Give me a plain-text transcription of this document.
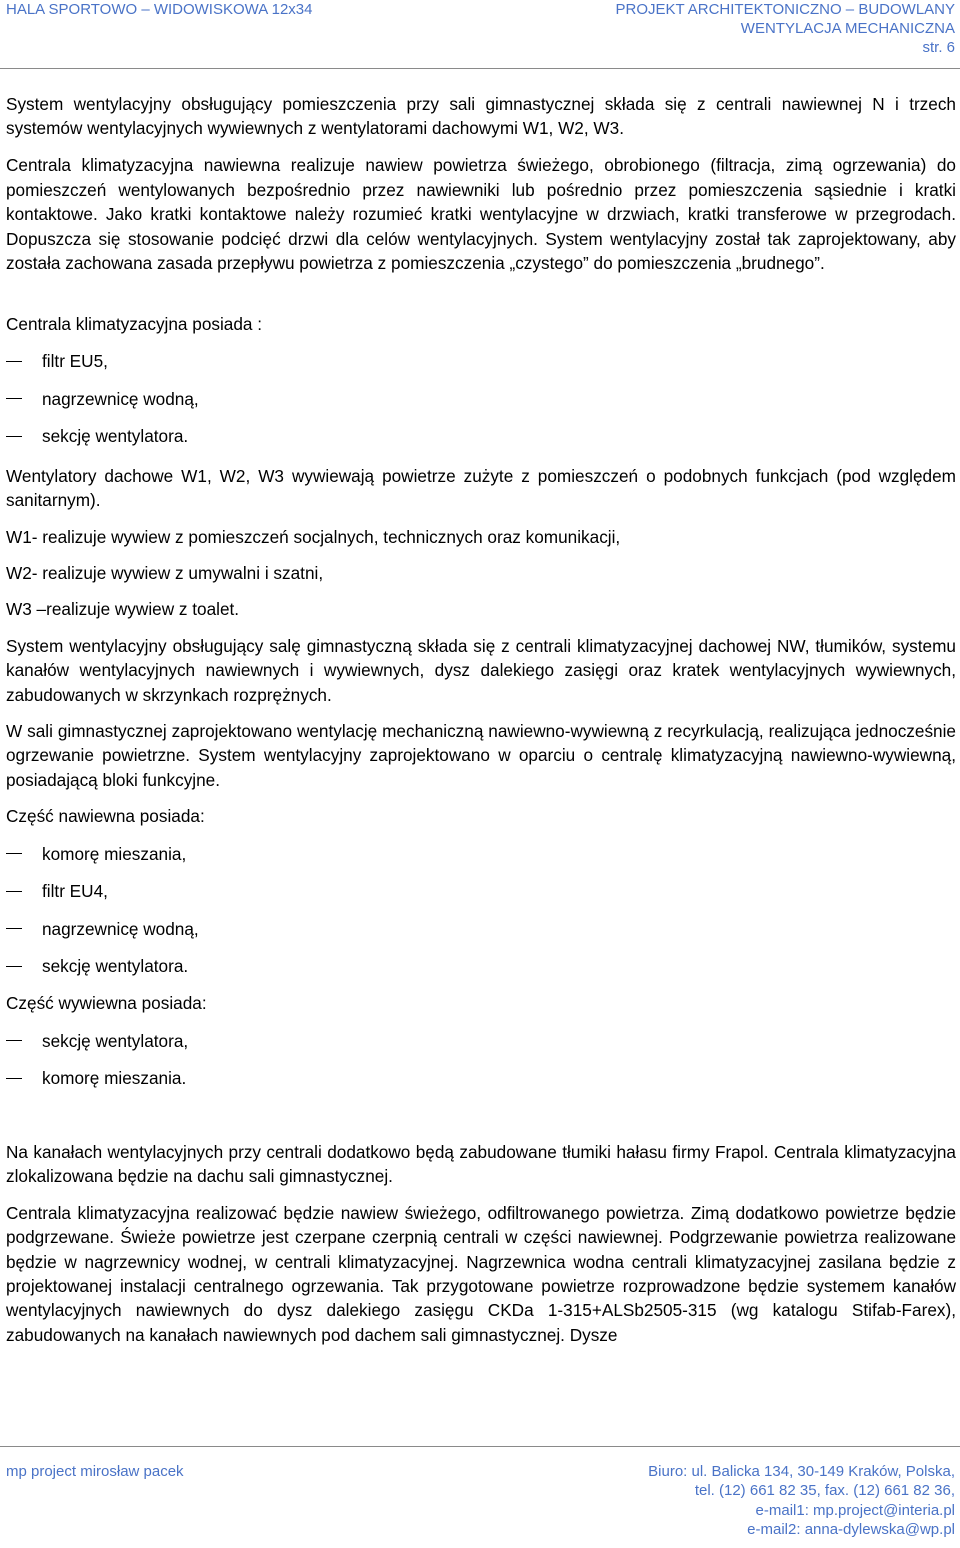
HALA SPORTOWO – WIDOWISKOWA 12x34	PROJEKT ARCHITEKTONICZNO – BUDOWLANY
WENTYLACJA MECHANICZNA
str. 6

System wentylacyjny obsługujący pomieszczenia przy sali gimnastycznej składa się z centrali nawiewnej N i trzech systemów wentylacyjnych wywiewnych z wentylatorami dachowymi W1, W2, W3.

Centrala klimatyzacyjna nawiewna realizuje nawiew powietrza świeżego, obrobionego (filtracja, zimą ogrzewania) do pomieszczeń wentylowanych bezpośrednio przez nawiewniki lub pośrednio przez pomieszczenia sąsiednie i kratki kontaktowe. Jako kratki kontaktowe należy rozumieć kratki wentylacyjne w drzwiach, kratki transferowe w przegrodach. Dopuszcza się stosowanie podcięć drzwi dla celów wentylacyjnych. System wentylacyjny został tak zaprojektowany, aby została zachowana zasada przepływu powietrza z pomieszczenia „czystego” do pomieszczenia „brudnego”.

Centrala klimatyzacyjna posiada :

filtr EU5,
nagrzewnicę wodną,
sekcję wentylatora.

Wentylatory dachowe W1, W2, W3 wywiewają powietrze zużyte z pomieszczeń o podobnych funkcjach (pod względem sanitarnym).

W1- realizuje wywiew z pomieszczeń socjalnych, technicznych oraz komunikacji,

W2- realizuje wywiew z umywalni i szatni,

W3 –realizuje wywiew z toalet.

System wentylacyjny obsługujący salę gimnastyczną składa się z centrali klimatyzacyjnej dachowej NW, tłumików, systemu kanałów wentylacyjnych nawiewnych i wywiewnych, dysz dalekiego zasięgi oraz kratek wentylacyjnych wywiewnych, zabudowanych w skrzynkach rozprężnych.

W sali gimnastycznej zaprojektowano wentylację mechaniczną nawiewno-wywiewną z recyrkulacją, realizująca jednocześnie ogrzewanie powietrzne. System wentylacyjny zaprojektowano w oparciu o centralę klimatyzacyjną nawiewno-wywiewną, posiadającą bloki funkcyjne.

Część nawiewna posiada:

komorę mieszania,
filtr EU4,
nagrzewnicę wodną,
sekcję wentylatora.

Część wywiewna posiada:

sekcję wentylatora,
komorę mieszania.

Na kanałach wentylacyjnych przy centrali dodatkowo będą zabudowane tłumiki hałasu firmy Frapol. Centrala klimatyzacyjna zlokalizowana będzie na dachu sali gimnastycznej.

Centrala klimatyzacyjna realizować będzie nawiew świeżego, odfiltrowanego powietrza. Zimą dodatkowo powietrze będzie podgrzewane. Świeże powietrze jest czerpane czerpnią centrali w części nawiewnej. Podgrzewanie powietrza realizowane będzie w nagrzewnicy wodnej, w centrali klimatyzacyjnej. Nagrzewnica wodna centrali klimatyzacyjnej zasilana będzie z projektowanej instalacji centralnego ogrzewania. Tak przygotowane powietrze rozprowadzone będzie systemem kanałów wentylacyjnych nawiewnych do dysz dalekiego zasięgu CKDa 1-315+ALSb2505-315 (wg katalogu Stifab-Farex), zabudowanych na kanałach nawiewnych pod dachem sali gimnastycznej. Dysze

mp project mirosław pacek	Biuro: ul. Balicka 134, 30-149 Kraków, Polska,
tel. (12) 661 82 35, fax. (12) 661 82 36,
e-mail1: mp.project@interia.pl
e-mail2: anna-dylewska@wp.pl
